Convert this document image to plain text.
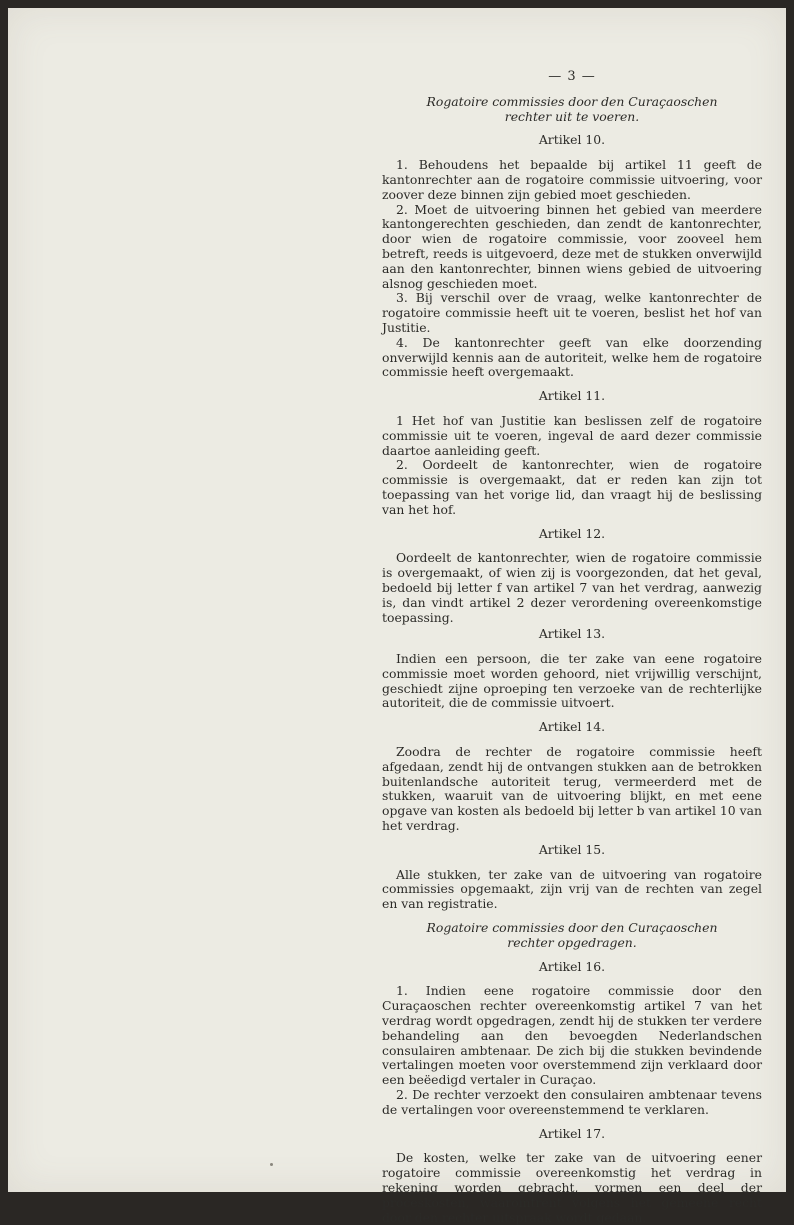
— 3 —
Rogatoire commissies door den Curaçaoschen
rechter uit te voeren.
Artikel 10.

1. Behoudens het bepaalde bij artikel 11 geeft de kantonrechter aan de rogatoire commissie uitvoering, voor zoover deze binnen zijn gebied moet geschieden.

2. Moet de uitvoering binnen het gebied van meerdere kantongerechten geschieden, dan zendt de kantonrechter, door wien de rogatoire commissie, voor zooveel hem betreft, reeds is uitgevoerd, deze met de stukken onverwijld aan den kantonrechter, binnen wiens gebied de uitvoering alsnog geschieden moet.

3. Bij verschil over de vraag, welke kantonrechter de rogatoire commissie heeft uit te voeren, beslist het hof van Justitie.

4. De kantonrechter geeft van elke doorzending onverwijld kennis aan de autoriteit, welke hem de rogatoire commissie heeft overgemaakt.

Artikel 11.

1 Het hof van Justitie kan beslissen zelf de rogatoire commissie uit te voeren, ingeval de aard dezer commissie daartoe aanleiding geeft.

2. Oordeelt de kantonrechter, wien de rogatoire commissie is overgemaakt, dat er reden kan zijn tot toepassing van het vorige lid, dan vraagt hij de beslissing van het hof.

Artikel 12.

Oordeelt de kantonrechter, wien de rogatoire commissie is overgemaakt, of wien zij is voorgezonden, dat het geval, bedoeld bij letter f van artikel 7 van het verdrag, aanwezig is, dan vindt artikel 2 dezer verordening overeenkomstige toepassing.

Artikel 13.

Indien een persoon, die ter zake van eene rogatoire commissie moet worden gehoord, niet vrijwillig verschijnt, geschiedt zijne oproeping ten verzoeke van de rechterlijke autoriteit, die de commissie uitvoert.

Artikel 14.

Zoodra de rechter de rogatoire commissie heeft afgedaan, zendt hij de ontvangen stukken aan de betrokken buitenlandsche autoriteit terug, vermeerderd met de stukken, waaruit van de uitvoering blijkt, en met eene opgave van kosten als bedoeld bij letter b van artikel 10 van het verdrag.

Artikel 15.

Alle stukken, ter zake van de uitvoering van rogatoire commissies opgemaakt, zijn vrij van de rechten van zegel en van registratie.

Rogatoire commissies door den Curaçaoschen
rechter opgedragen.
Artikel 16.

1. Indien eene rogatoire commissie door den Curaçaoschen rechter overeenkomstig artikel 7 van het verdrag wordt opgedragen, zendt hij de stukken ter verdere behandeling aan den bevoegden Nederlandschen consulairen ambtenaar. De zich bij die stukken bevindende vertalingen moeten voor overstemmend zijn verklaard door een beëedigd vertaler in Curaçao.

2. De rechter verzoekt den consulairen ambtenaar tevens de vertalingen voor overeenstemmend te verklaren.

Artikel 17.

De kosten, welke ter zake van de uitvoering eener rogatoire commissie overeenkomstig het verdrag in rekening worden gebracht, vormen een deel der proceskosten, waaromtrent volgens het gemeene recht door den rechter uitspraak wordt gedaan.
